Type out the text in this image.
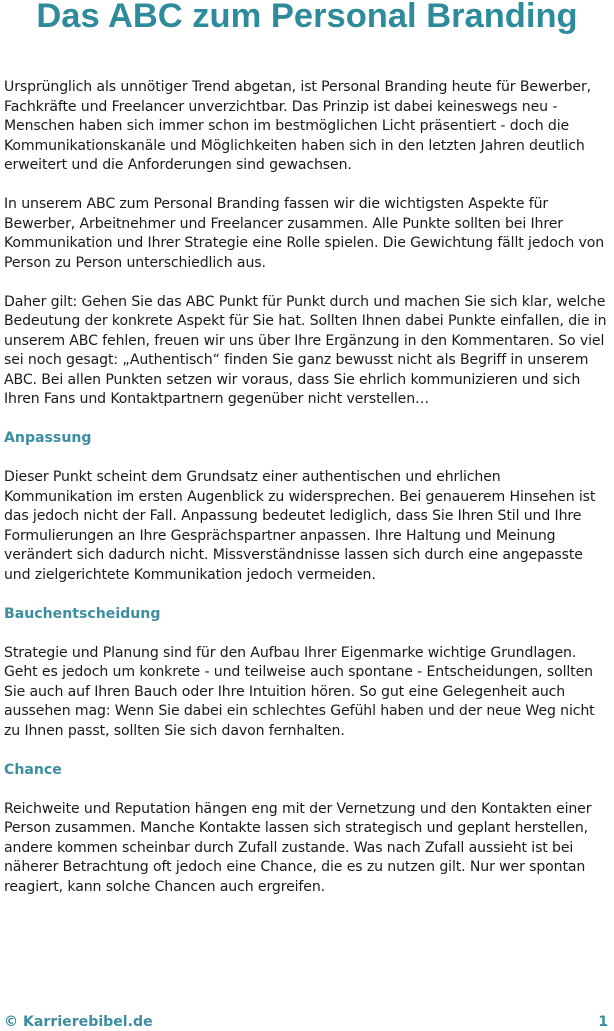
Das ABC zum Personal Branding

Ursprünglich als unnötiger Trend abgetan, ist Personal Branding heute für Bewerber, Fachkräfte und Freelancer unverzichtbar. Das Prinzip ist dabei keineswegs neu - Menschen haben sich immer schon im bestmöglichen Licht präsentiert - doch die Kommunikationskanäle und Möglichkeiten haben sich in den letzten Jahren deutlich erweitert und die Anforderungen sind gewachsen.

In unserem ABC zum Personal Branding fassen wir die wichtigsten Aspekte für Bewerber, Arbeitnehmer und Freelancer zusammen. Alle Punkte sollten bei Ihrer Kommunikation und Ihrer Strategie eine Rolle spielen. Die Gewichtung fällt jedoch von Person zu Person unterschiedlich aus.

Daher gilt: Gehen Sie das ABC Punkt für Punkt durch und machen Sie sich klar, welche Bedeutung der konkrete Aspekt für Sie hat. Sollten Ihnen dabei Punkte einfallen, die in unserem ABC fehlen, freuen wir uns über Ihre Ergänzung in den Kommentaren. So viel sei noch gesagt: „Authentisch“ finden Sie ganz bewusst nicht als Begriff in unserem ABC. Bei allen Punkten setzen wir voraus, dass Sie ehrlich kommunizieren und sich Ihren Fans und Kontaktpartnern gegenüber nicht verstellen…

Anpassung

Dieser Punkt scheint dem Grundsatz einer authentischen und ehrlichen Kommunikation im ersten Augenblick zu widersprechen. Bei genauerem Hinsehen ist das jedoch nicht der Fall. Anpassung bedeutet lediglich, dass Sie Ihren Stil und Ihre Formulierungen an Ihre Gesprächspartner anpassen. Ihre Haltung und Meinung verändert sich dadurch nicht. Missverständnisse lassen sich durch eine angepasste und zielgerichtete Kommunikation jedoch vermeiden.

Bauchentscheidung

Strategie und Planung sind für den Aufbau Ihrer Eigenmarke wichtige Grundlagen. Geht es jedoch um konkrete - und teilweise auch spontane - Entscheidungen, sollten Sie auch auf Ihren Bauch oder Ihre Intuition hören. So gut eine Gelegenheit auch aussehen mag: Wenn Sie dabei ein schlechtes Gefühl haben und der neue Weg nicht zu Ihnen passt, sollten Sie sich davon fernhalten.

Chance

Reichweite und Reputation hängen eng mit der Vernetzung und den Kontakten einer Person zusammen. Manche Kontakte lassen sich strategisch und geplant herstellen, andere kommen scheinbar durch Zufall zustande. Was nach Zufall aussieht ist bei näherer Betrachtung oft jedoch eine Chance, die es zu nutzen gilt. Nur wer spontan reagiert, kann solche Chancen auch ergreifen.

© Karrierebibel.de	1
